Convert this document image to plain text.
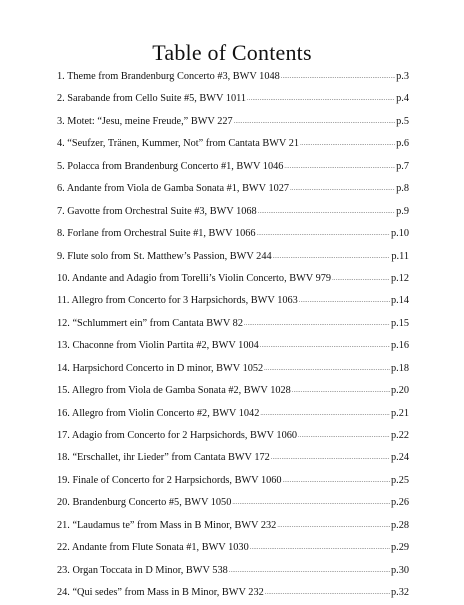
Table of Contents
1. Theme from Brandenburg Concerto #3, BWV 1048 .....	p.3
2. Sarabande from Cello Suite #5, BWV 1011 .....	p.4
3. Motet: “Jesu, meine Freude,” BWV 227 .....	p.5
4. “Seufzer, Tränen, Kummer, Not” from Cantata BWV 21 .....	p.6
5. Polacca from Brandenburg Concerto #1, BWV 1046 .....	p.7
6. Andante from Viola de Gamba Sonata #1, BWV 1027 .....	p.8
7. Gavotte from Orchestral Suite #3, BWV 1068 .....	p.9
8. Forlane from Orchestral Suite #1, BWV 1066 .....	p.10
9. Flute solo from St. Matthew’s Passion, BWV 244 .....	p.11
10. Andante and Adagio from Torelli’s Violin Concerto, BWV 979 .....	p.12
11. Allegro from Concerto for 3 Harpsichords, BWV 1063 .....	p.14
12. “Schlummert ein” from Cantata BWV 82 .....	p.15
13. Chaconne from Violin Partita #2, BWV 1004 .....	p.16
14. Harpsichord Concerto in D minor, BWV 1052 .....	p.18
15. Allegro from Viola de Gamba Sonata #2, BWV 1028 .....	p.20
16. Allegro from Violin Concerto #2, BWV 1042 .....	p.21
17. Adagio from Concerto for 2 Harpsichords, BWV 1060 .....	p.22
18. “Erschallet, ihr Lieder” from Cantata BWV 172 .....	p.24
19. Finale of Concerto for 2 Harpsichords, BWV 1060 .....	p.25
20. Brandenburg Concerto #5, BWV 1050 .....	p.26
21. “Laudamus te” from Mass in B Minor, BWV 232 .....	p.28
22. Andante from Flute Sonata #1, BWV 1030 .....	p.29
23. Organ Toccata in D Minor, BWV 538 .....	p.30
24. “Qui sedes” from Mass in B Minor, BWV 232 .....	p.32
